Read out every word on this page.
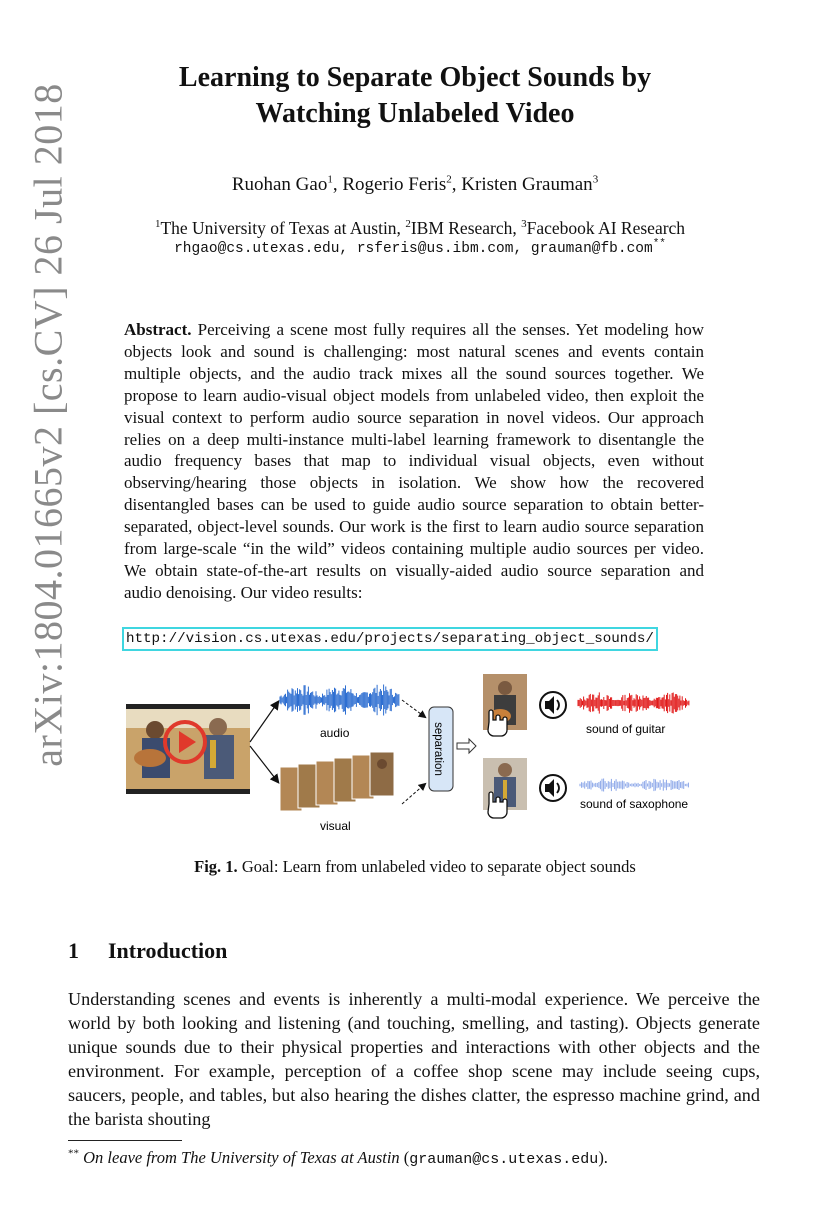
arXiv:1804.01665v2 [cs.CV] 26 Jul 2018
Learning to Separate Object Sounds by
Watching Unlabeled Video
Ruohan Gao$^1$, Rogerio Feris$^2$, Kristen Grauman$^3$
$^1$The University of Texas at Austin, $^2$IBM Research, $^3$Facebook AI Research
rhgao@cs.utexas.edu, rsferis@us.ibm.com, grauman@fb.com**
Abstract. Perceiving a scene most fully requires all the senses. Yet modeling how objects look and sound is challenging: most natural scenes and events contain multiple objects, and the audio track mixes all the sound sources together. We propose to learn audio-visual object models from unlabeled video, then exploit the visual context to perform audio source separation in novel videos. Our approach relies on a deep multi-instance multi-label learning framework to disentangle the audio frequency bases that map to individual visual objects, even without observing/hearing those objects in isolation. We show how the recovered disentangled bases can be used to guide audio source separation to obtain better-separated, object-level sounds. Our work is the first to learn audio source separation from large-scale “in the wild” videos containing multiple audio sources per video. We obtain state-of-the-art results on visually-aided audio source separation and audio denoising. Our video results:
http://vision.cs.utexas.edu/projects/separating_object_sounds/
audio
visual
separation	sound of guitar
sound of saxophone
Fig. 1. Goal: Learn from unlabeled video to separate object sounds
1 Introduction
Understanding scenes and events is inherently a multi-modal experience. We perceive the world by both looking and listening (and touching, smelling, and tasting). Objects generate unique sounds due to their physical properties and interactions with other objects and the environment. For example, perception of a coffee shop scene may include seeing cups, saucers, people, and tables, but also hearing the dishes clatter, the espresso machine grind, and the barista shouting
** On leave from The University of Texas at Austin (grauman@cs.utexas.edu).
